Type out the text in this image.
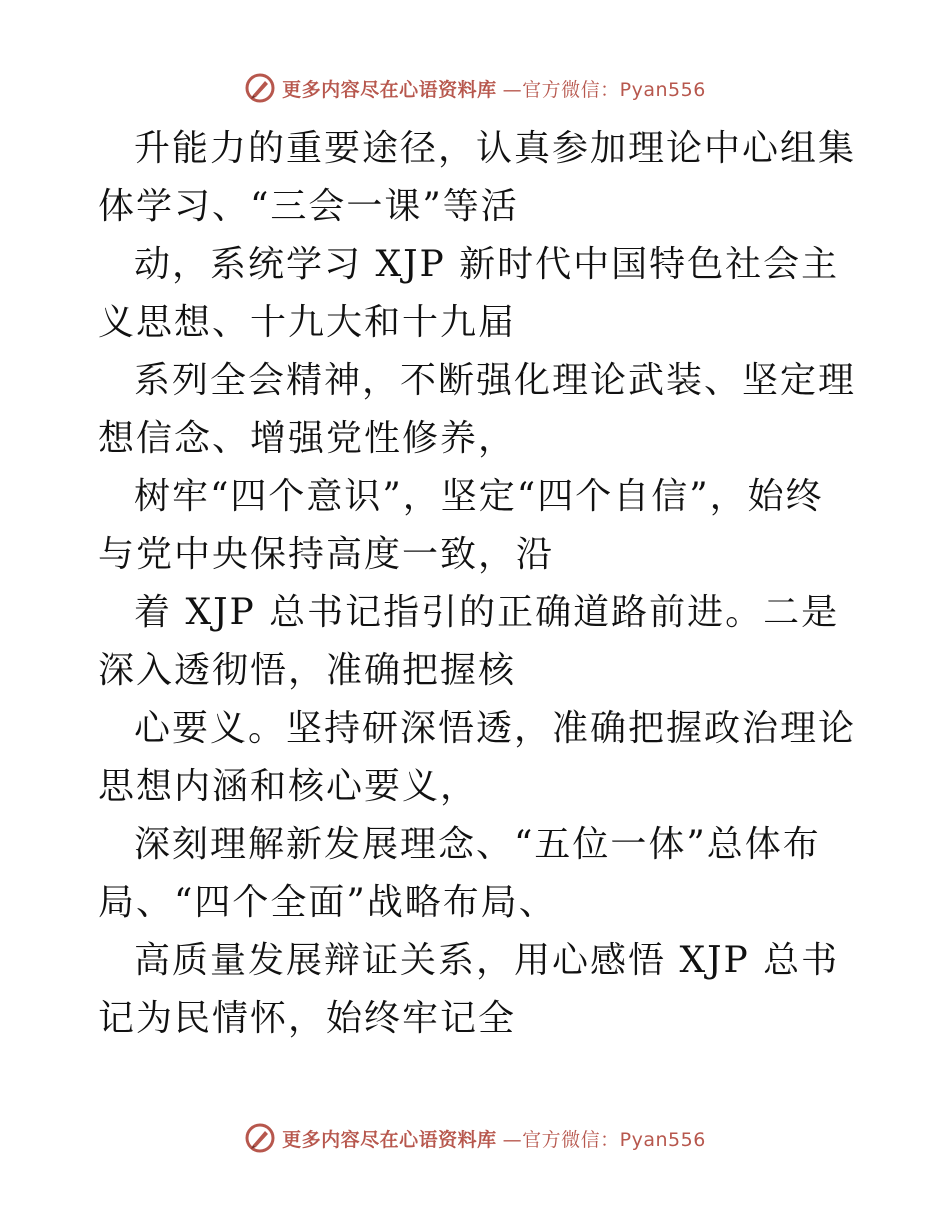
更多内容尽在心语资料库 —官方微信：Pyan556

升能力的重要途径，认真参加理论中心组集体学习、“三会一课”等活

动，系统学习 XJP 新时代中国特色社会主义思想、十九大和十九届

系列全会精神，不断强化理论武装、坚定理想信念、增强党性修养，

树牢“四个意识”，坚定“四个自信”，始终与党中央保持高度一致，沿

着 XJP 总书记指引的正确道路前进。二是深入透彻悟，准确把握核

心要义。坚持研深悟透，准确把握政治理论思想内涵和核心要义，

深刻理解新发展理念、“五位一体”总体布局、“四个全面”战略布局、

高质量发展辩证关系，用心感悟 XJP 总书记为民情怀，始终牢记全

更多内容尽在心语资料库 —官方微信：Pyan556
